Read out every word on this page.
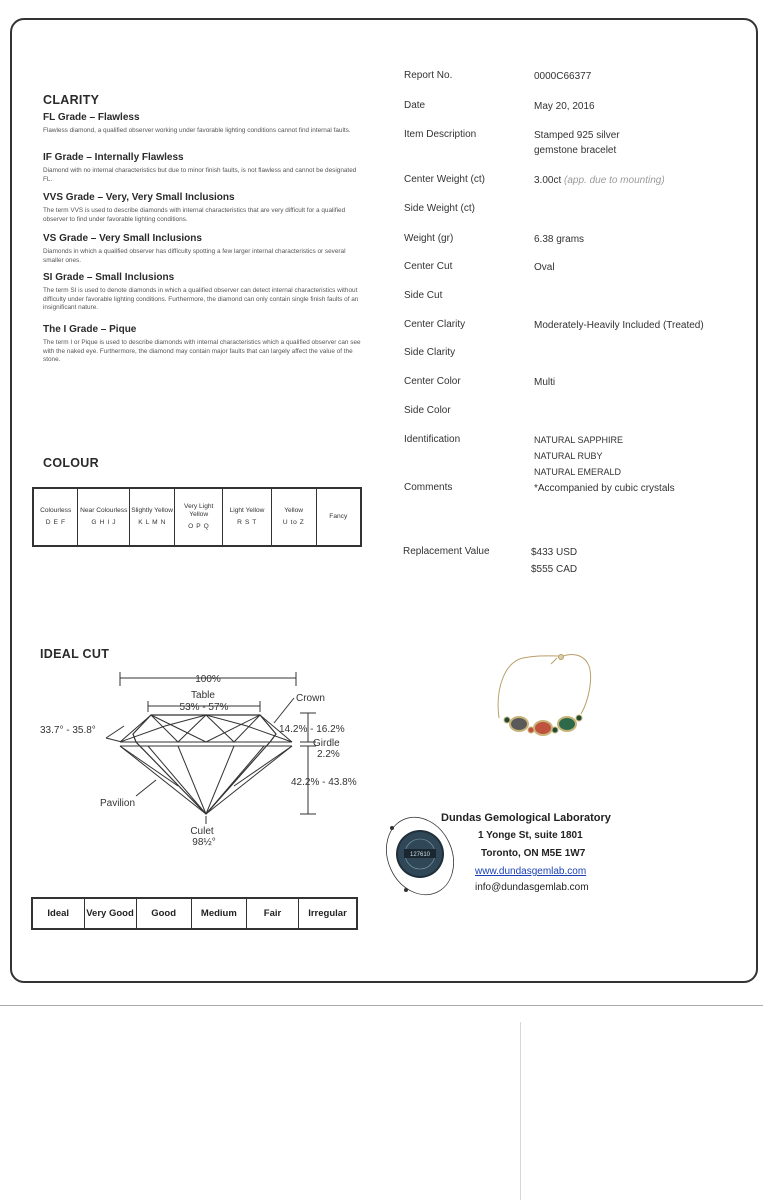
CLARITY
FL Grade – Flawless
Flawless diamond, a qualified observer working under favorable lighting conditions cannot find internal faults.
IF Grade – Internally Flawless
Diamond with no internal characteristics but due to minor finish faults, is not flawless and cannot be designated FL.
VVS Grade – Very, Very Small Inclusions
The term VVS is used to describe diamonds with internal characteristics that are very difficult for a qualified observer to find under favorable lighting conditions.
VS Grade – Very Small Inclusions
Diamonds in which a qualified observer has difficulty spotting a few larger internal characteristics or several smaller ones.
SI Grade – Small Inclusions
The term SI is used to denote diamonds in which a qualified observer can detect internal characteristics without difficulty under favorable lighting conditions. Furthermore, the diamond can only contain single finish faults of an insignificant nature.
The I Grade – Pique
The term I or Pique is used to describe diamonds with internal characteristics which a qualified observer can see with the naked eye. Furthermore, the diamond may contain major faults that can largely affect the value of the stone.
COLOUR
Colourless
D E F
	Near Colourless
G H I J
	Slightly Yellow
K L M N
	Very Light Yellow
O P Q
	Light Yellow
R S T
	Yellow
U to Z
	Fancy
IDEAL CUT
100%
Table
53% - 57%
Crown
33.7° - 35.8°	14.2% - 16.2%
Girdle
2.2%
42.2% - 43.8%
Pavilion
Culet
98½°
Ideal	Very Good	Good	Medium	Fair	Irregular
Report No.	0000C66377
Date	May 20, 2016
Item Description	Stamped 925 silver
gemstone bracelet
Center Weight (ct)	3.00ct (app. due to mounting)
Side Weight (ct)
Weight (gr)	6.38 grams
Center Cut	Oval
Side Cut
Center Clarity	Moderately-Heavily Included (Treated)
Side Clarity
Center Color	Multi
Side Color
Identification	NATURAL SAPPHIRE
NATURAL RUBY
NATURAL EMERALD
Comments	*Accompanied by cubic crystals
Replacement Value	$433 USD
$555 CAD
127610
Dundas Gemological Laboratory
1 Yonge St, suite 1801
Toronto, ON M5E 1W7
www.dundasgemlab.com
info@dundasgemlab.com
